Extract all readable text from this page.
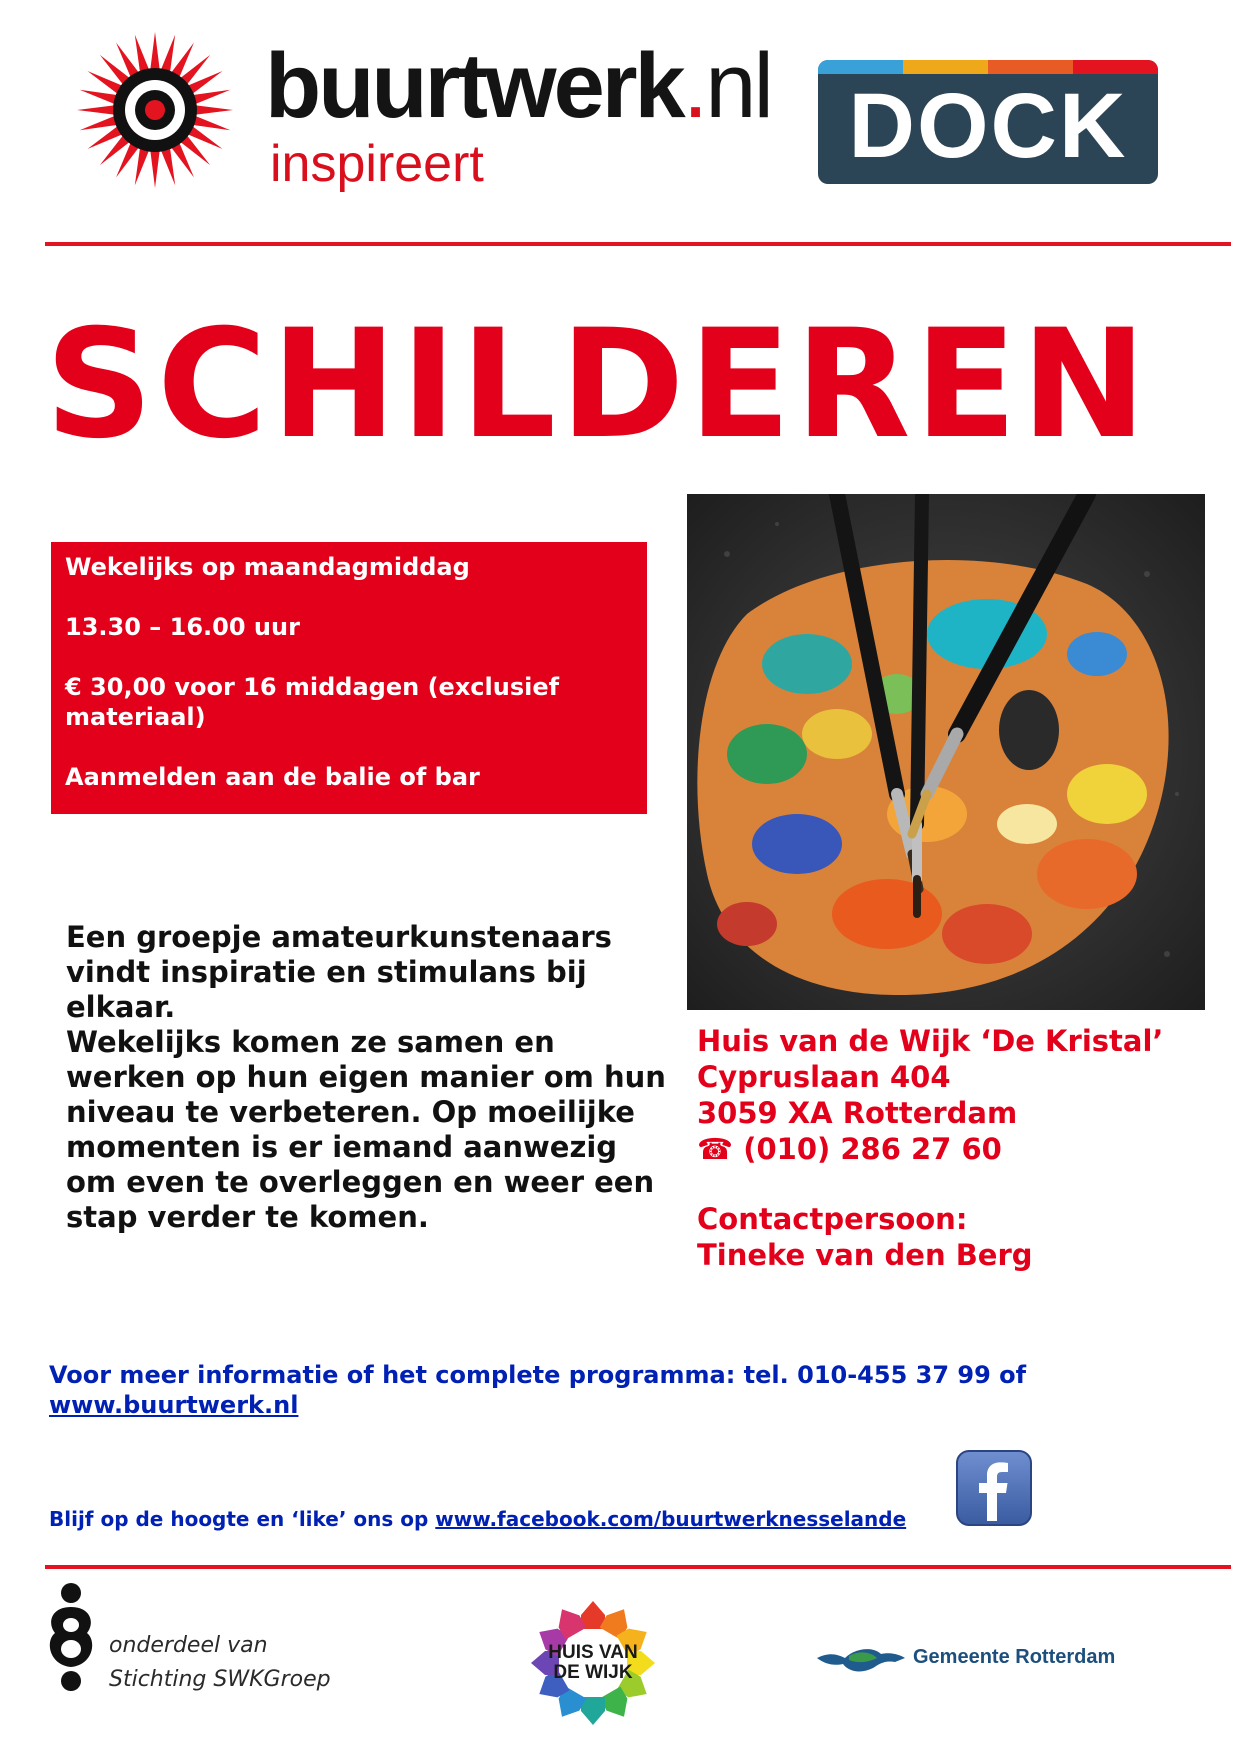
buurtwerk.nl
inspireert	DOCK
SCHILDEREN

Wekelijks op maandagmiddag

13.30 – 16.00 uur

€ 30,00 voor 16 middagen (exclusief materiaal)

Aanmelden aan de balie of bar

Een groepje amateurkunstenaars vindt inspiratie en stimulans bij elkaar.
Wekelijks komen ze samen en werken op hun eigen manier om hun niveau te verbeteren. Op moeilijke momenten is er iemand aanwezig om even te overleggen en weer een stap verder te komen.
Huis van de Wijk ‘De Kristal’
Cypruslaan 404
3059 XA Rotterdam
☎ (010) 286 27 60
Contactpersoon:
Tineke van den Berg
Voor meer informatie of het complete programma: tel. 010-455 37 99 of
www.buurtwerk.nl
Blijf op de hoogte en ‘like’ ons op www.facebook.com/buurtwerknesselande
onderdeel van
Stichting SWKGroep
HUIS VAN
DE WIJK
Gemeente Rotterdam
